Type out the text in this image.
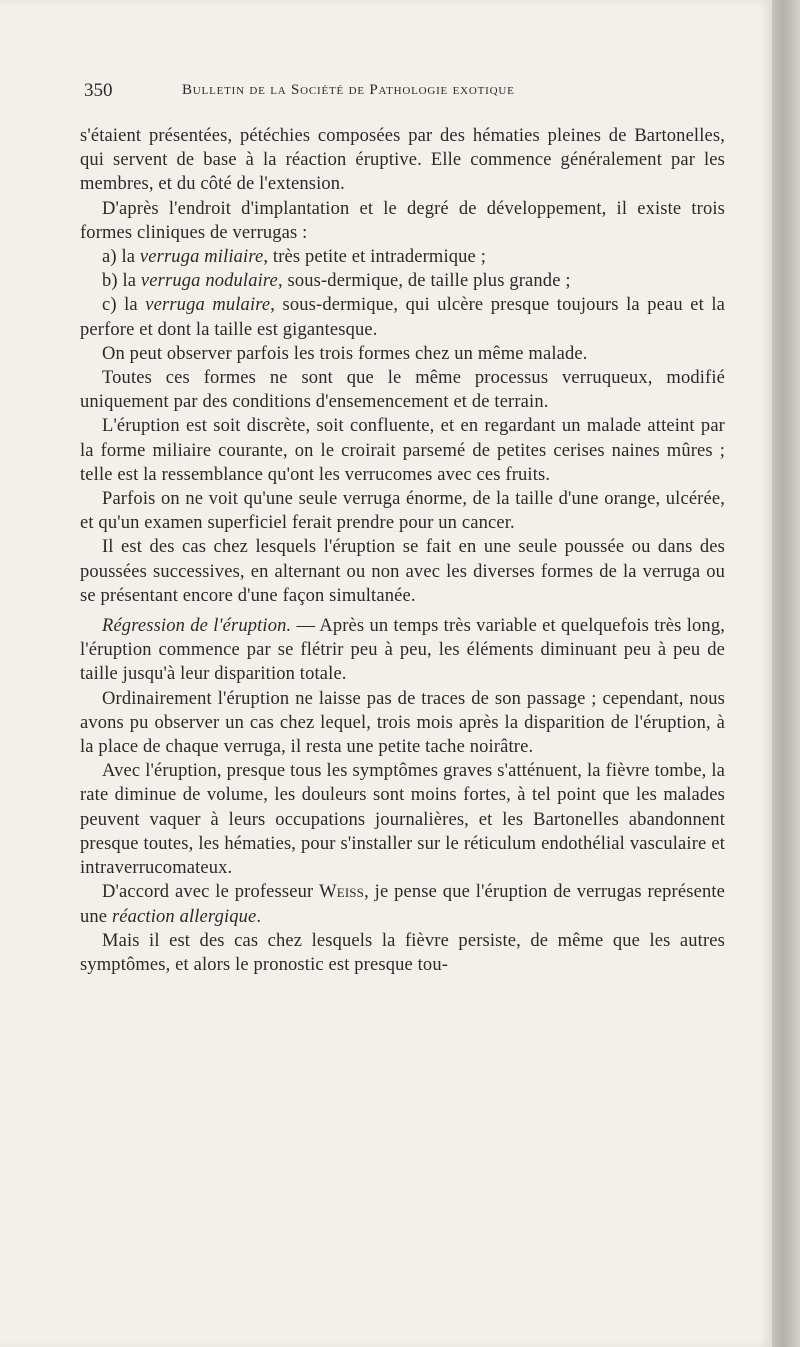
350	Bulletin de la Société de Pathologie exotique

s'étaient présentées, pétéchies composées par des hématies pleines de Bartonelles, qui servent de base à la réaction éruptive. Elle commence généralement par les membres, et du côté de l'extension.

D'après l'endroit d'implantation et le degré de développement, il existe trois formes cliniques de verrugas :

a) la verruga miliaire, très petite et intradermique ;

b) la verruga nodulaire, sous-dermique, de taille plus grande ;

c) la verruga mulaire, sous-dermique, qui ulcère presque toujours la peau et la perfore et dont la taille est gigantesque.

On peut observer parfois les trois formes chez un même malade.

Toutes ces formes ne sont que le même processus verruqueux, modifié uniquement par des conditions d'ensemencement et de terrain.

L'éruption est soit discrète, soit confluente, et en regardant un malade atteint par la forme miliaire courante, on le croirait parsemé de petites cerises naines mûres ; telle est la ressemblance qu'ont les verrucomes avec ces fruits.

Parfois on ne voit qu'une seule verruga énorme, de la taille d'une orange, ulcérée, et qu'un examen superficiel ferait prendre pour un cancer.

Il est des cas chez lesquels l'éruption se fait en une seule poussée ou dans des poussées successives, en alternant ou non avec les diverses formes de la verruga ou se présentant encore d'une façon simultanée.

Régression de l'éruption. — Après un temps très variable et quelquefois très long, l'éruption commence par se flétrir peu à peu, les éléments diminuant peu à peu de taille jusqu'à leur disparition totale.

Ordinairement l'éruption ne laisse pas de traces de son passage ; cependant, nous avons pu observer un cas chez lequel, trois mois après la disparition de l'éruption, à la place de chaque verruga, il resta une petite tache noirâtre.

Avec l'éruption, presque tous les symptômes graves s'atténuent, la fièvre tombe, la rate diminue de volume, les douleurs sont moins fortes, à tel point que les malades peuvent vaquer à leurs occupations journalières, et les Bartonelles abandonnent presque toutes, les hématies, pour s'installer sur le réticulum endothélial vasculaire et intraverrucomateux.

D'accord avec le professeur Weiss, je pense que l'éruption de verrugas représente une réaction allergique.

Mais il est des cas chez lesquels la fièvre persiste, de même que les autres symptômes, et alors le pronostic est presque tou-
